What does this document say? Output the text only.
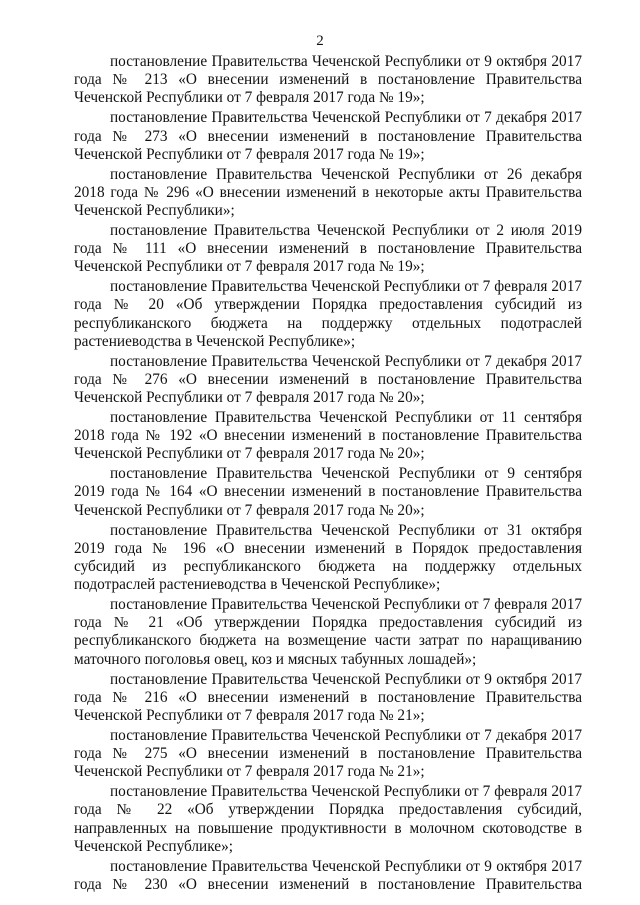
2

постановление Правительства Чеченской Республики от 9 октября 2017 года № 213 «О внесении изменений в постановление Правительства Чеченской Республики от 7 февраля 2017 года № 19»;

постановление Правительства Чеченской Республики от 7 декабря 2017 года № 273 «О внесении изменений в постановление Правительства Чеченской Республики от 7 февраля 2017 года № 19»;

постановление Правительства Чеченской Республики от 26 декабря 2018 года № 296 «О внесении изменений в некоторые акты Правительства Чеченской Республики»;

постановление Правительства Чеченской Республики от 2 июля 2019 года № 111 «О внесении изменений в постановление Правительства Чеченской Республики от 7 февраля 2017 года № 19»;

постановление Правительства Чеченской Республики от 7 февраля 2017 года № 20 «Об утверждении Порядка предоставления субсидий из республиканского бюджета на поддержку отдельных подотраслей растениеводства в Чеченской Республике»;

постановление Правительства Чеченской Республики от 7 декабря 2017 года № 276 «О внесении изменений в постановление Правительства Чеченской Республики от 7 февраля 2017 года № 20»;

постановление Правительства Чеченской Республики от 11 сентября 2018 года № 192 «О внесении изменений в постановление Правительства Чеченской Республики от 7 февраля 2017 года № 20»;

постановление Правительства Чеченской Республики от 9 сентября 2019 года № 164 «О внесении изменений в постановление Правительства Чеченской Республики от 7 февраля 2017 года № 20»;

постановление Правительства Чеченской Республики от 31 октября 2019 года № 196 «О внесении изменений в Порядок предоставления субсидий из республиканского бюджета на поддержку отдельных подотраслей растениеводства в Чеченской Республике»;

постановление Правительства Чеченской Республики от 7 февраля 2017 года № 21 «Об утверждении Порядка предоставления субсидий из республиканского бюджета на возмещение части затрат по наращиванию маточного поголовья овец, коз и мясных табунных лошадей»;

постановление Правительства Чеченской Республики от 9 октября 2017 года № 216 «О внесении изменений в постановление Правительства Чеченской Республики от 7 февраля 2017 года № 21»;

постановление Правительства Чеченской Республики от 7 декабря 2017 года № 275 «О внесении изменений в постановление Правительства Чеченской Республики от 7 февраля 2017 года № 21»;

постановление Правительства Чеченской Республики от 7 февраля 2017 года № 22 «Об утверждении Порядка предоставления субсидий, направленных на повышение продуктивности в молочном скотоводстве в Чеченской Республике»;

постановление Правительства Чеченской Республики от 9 октября 2017 года № 230 «О внесении изменений в постановление Правительства
